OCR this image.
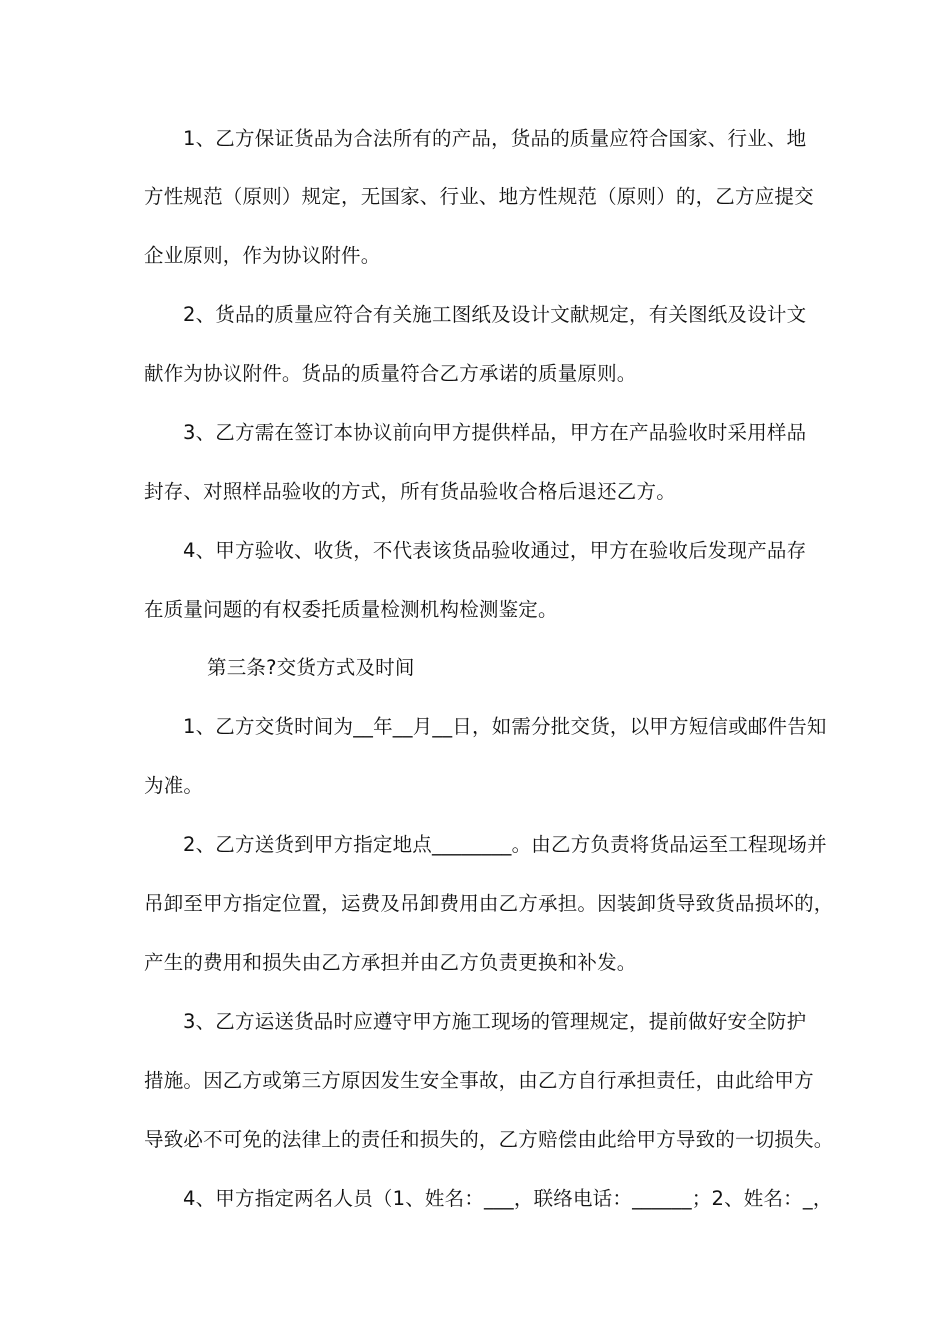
1、乙方保证货品为合法所有的产品，货品的质量应符合国家、行业、地
方性规范（原则）规定，无国家、行业、地方性规范（原则）的，乙方应提交
企业原则，作为协议附件。
2、货品的质量应符合有关施工图纸及设计文献规定，有关图纸及设计文
献作为协议附件。货品的质量符合乙方承诺的质量原则。
3、乙方需在签订本协议前向甲方提供样品，甲方在产品验收时采用样品
封存、对照样品验收的方式，所有货品验收合格后退还乙方。
4、甲方验收、收货，不代表该货品验收通过，甲方在验收后发现产品存
在质量问题的有权委托质量检测机构检测鉴定。
第三条?交货方式及时间
1、乙方交货时间为__年__月__日，如需分批交货，以甲方短信或邮件告知
为准。
2、乙方送货到甲方指定地点________。由乙方负责将货品运至工程现场并
吊卸至甲方指定位置，运费及吊卸费用由乙方承担。因装卸货导致货品损坏的，
产生的费用和损失由乙方承担并由乙方负责更换和补发。
3、乙方运送货品时应遵守甲方施工现场的管理规定，提前做好安全防护
措施。因乙方或第三方原因发生安全事故，由乙方自行承担责任，由此给甲方
导致必不可免的法律上的责任和损失的，乙方赔偿由此给甲方导致的一切损失。
4、甲方指定两名人员（1、姓名：___，联络电话：______；2、姓名：_，
